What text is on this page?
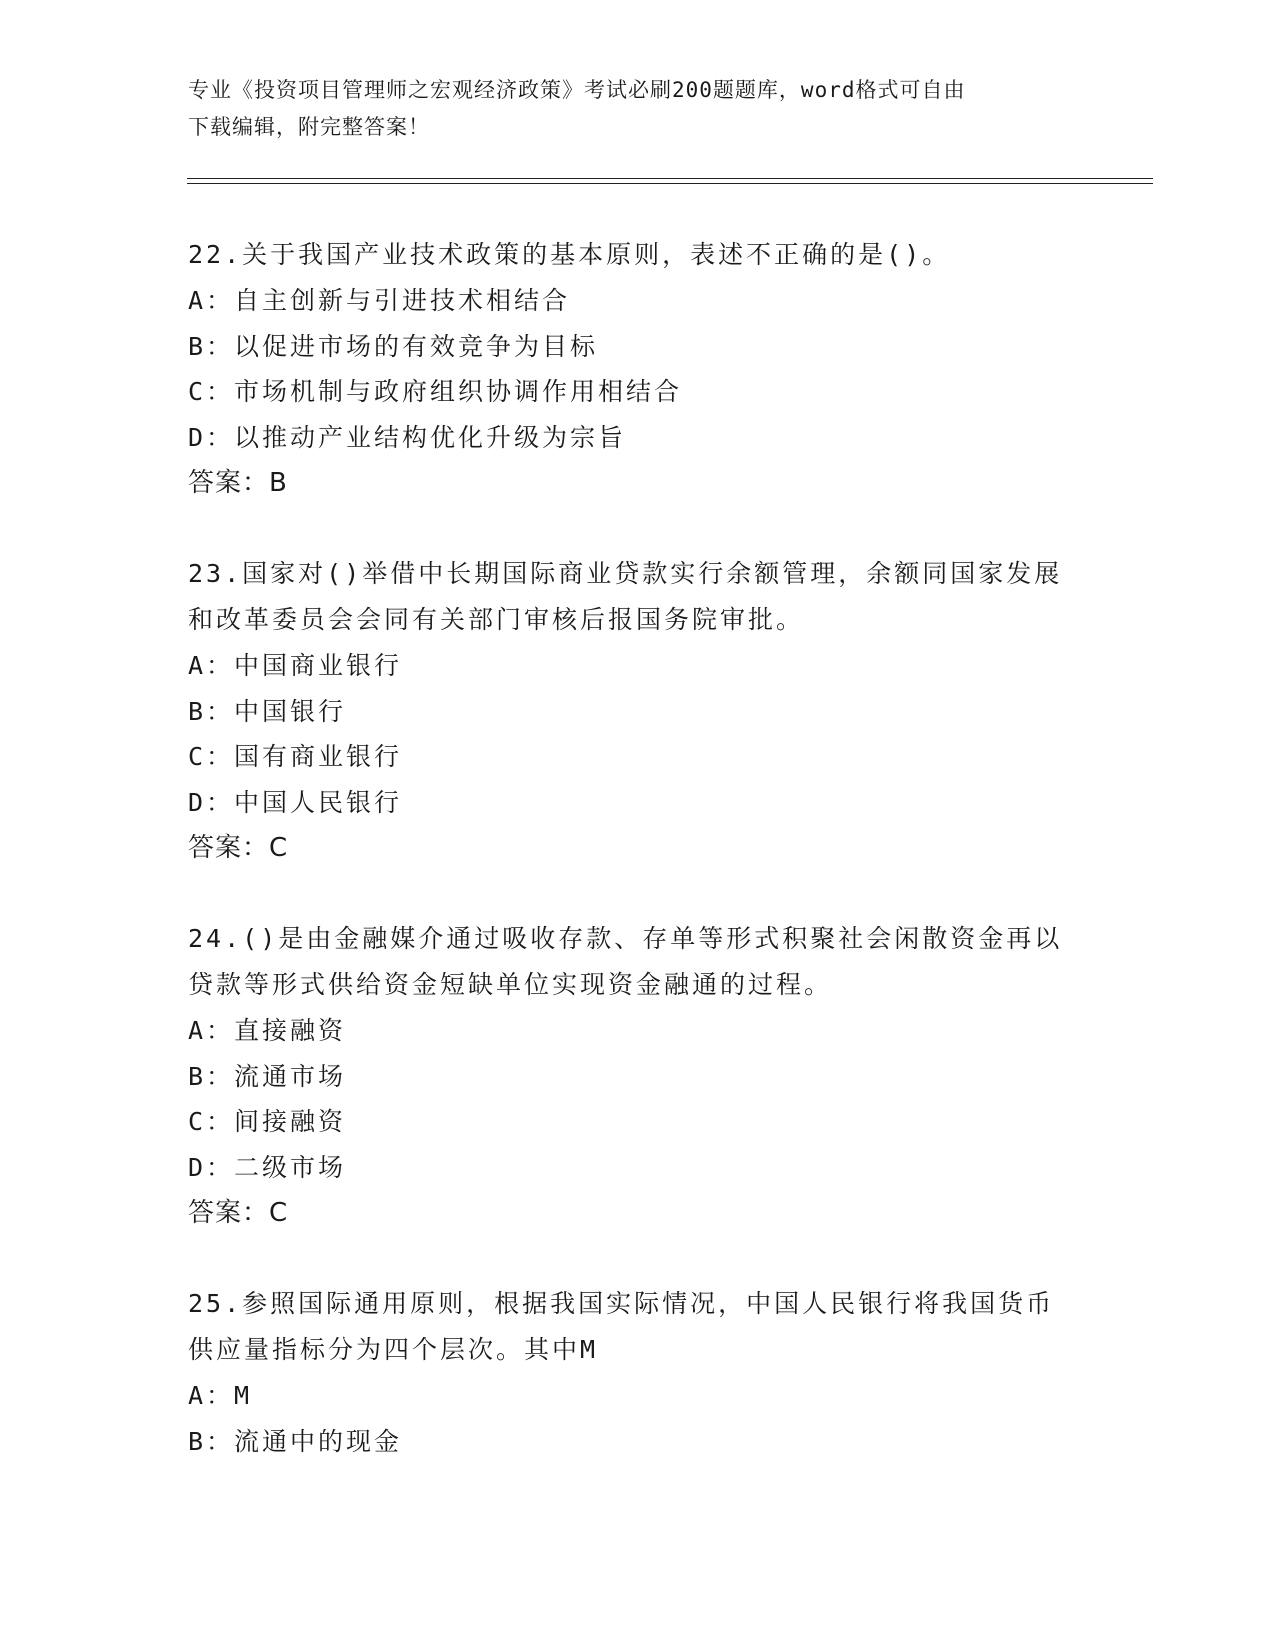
专业《投资项目管理师之宏观经济政策》考试必刷200题题库，word格式可自由
下载编辑，附完整答案！

22.关于我国产业技术政策的基本原则，表述不正确的是()。

A：自主创新与引进技术相结合

B：以促进市场的有效竞争为目标

C：市场机制与政府组织协调作用相结合

D：以推动产业结构优化升级为宗旨

答案：B

23.国家对()举借中长期国际商业贷款实行余额管理，余额同国家发展

和改革委员会会同有关部门审核后报国务院审批。

A：中国商业银行

B：中国银行

C：国有商业银行

D：中国人民银行

答案：C

24.()是由金融媒介通过吸收存款、存单等形式积聚社会闲散资金再以

贷款等形式供给资金短缺单位实现资金融通的过程。

A：直接融资

B：流通市场

C：间接融资

D：二级市场

答案：C

25.参照国际通用原则，根据我国实际情况，中国人民银行将我国货币

供应量指标分为四个层次。其中M

A：M

B：流通中的现金
